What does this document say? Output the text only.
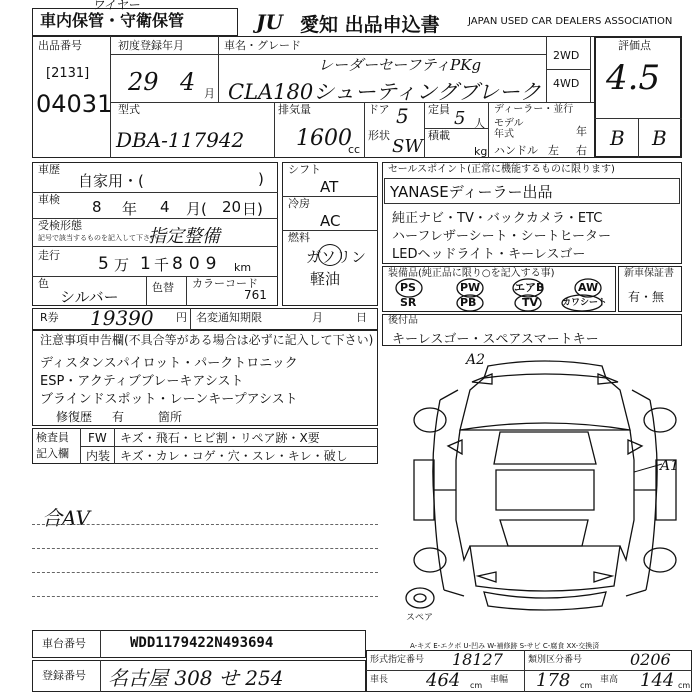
車内保管・守衛保管
ワイヤー
JU 愛知 出品申込書	JAPAN USED CAR DEALERS ASSOCIATION
出品番号
[2131]
04031
初度登録年月
29 4 月
車名・グレード
レーダーセーフティPKg
CLA180シューティングブレーク
2WD
4WD
評価点
4.5
B B
型式
DBA-117942
排気量
1600
cc
ドア 5
形状
SW
定員 5 人
積載
kg
ディーラー・並行
モデル年式	年
ハンドル 左 右
車歴
自家用・(	)
車検 8 年 4 月( 20 日)
受検形態
記号で該当するものを記入して下さい
指定整備
走行 5 万 1 千 809 km
色
シルバー
色替 カラーコード
761
シフト
AT
冷房
AC
燃料
ガソリン
軽油
セールスポイント(正常に機能するものに限ります)
YANASEディーラー出品
純正ナビ・TV・バックカメラ・ETC
ハーフレザーシート・シートヒーター
LEDヘッドライト・キーレスゴー
装備品(純正品に限り○を記入する事)
PS	PW	エアB	AW
SR	PB	TV	カワシート
新車保証書
有・無
R券 19390 円 名変通知期限	月	日 後付品
キーレスゴー・スペアスマートキー
注意事項申告欄(不具合等がある場合は必ずに記入して下さい)
ディスタンスパイロット・パークトロニック
ESP・アクティブブレーキアシスト
ブラインドスポット・レーンキープアシスト
修復歴 有	箇所
検査員
記入欄
FW キズ・飛石・ヒビ割・リペア跡・X要
内装 キズ・カレ・コゲ・穴・スレ・キレ・破し
合AV
A2
A1
スペア
A-キズ E-エクボ U-凹み W-補修跡 S-サビ C-腐食 XX-交換済
車台番号	WDD1179422N493694
登録番号 名古屋 308 せ 254
形式指定番号 18127	類別区分番号	0206
車長 464 cm
車幅 178 cm
車高 144 cm
